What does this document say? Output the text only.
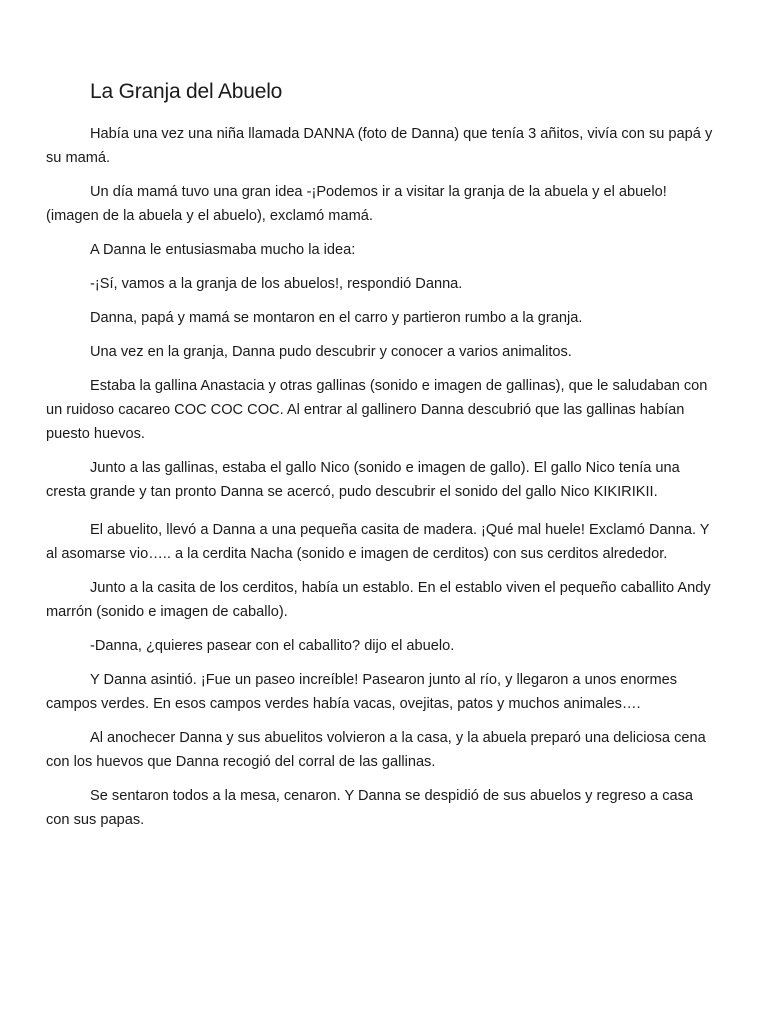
La Granja del Abuelo

Había una vez una niña llamada DANNA (foto de Danna) que tenía 3 añitos, vivía con su papá y su mamá.

Un día mamá tuvo una gran idea -¡Podemos ir a visitar la granja de la abuela y el abuelo! (imagen de la abuela y el abuelo), exclamó mamá.

A Danna le entusiasmaba mucho la idea:

-¡Sí, vamos a la granja de los abuelos!, respondió Danna.

Danna, papá y mamá se montaron en el carro y partieron rumbo a la granja.

Una vez en la granja, Danna pudo descubrir y conocer a varios animalitos.

Estaba la gallina Anastacia y otras gallinas (sonido e imagen de gallinas), que le saludaban con un ruidoso cacareo COC COC COC. Al entrar al gallinero Danna descubrió que las gallinas habían puesto huevos.

Junto a las gallinas, estaba el gallo Nico (sonido e imagen de gallo). El gallo Nico tenía una cresta grande y tan pronto Danna se acercó, pudo descubrir el sonido del gallo Nico KIKIRIKII.

El abuelito, llevó a Danna a una pequeña casita de madera. ¡Qué mal huele! Exclamó Danna. Y al asomarse vio….. a la cerdita Nacha (sonido e imagen de cerditos) con sus cerditos alrededor.

Junto a la casita de los cerditos, había un establo. En el establo viven el pequeño caballito Andy marrón (sonido e imagen de caballo).

-Danna, ¿quieres pasear con el caballito? dijo el abuelo.

Y Danna asintió. ¡Fue un paseo increíble! Pasearon junto al río, y llegaron a unos enormes campos verdes. En esos campos verdes había vacas, ovejitas, patos y muchos animales….

Al anochecer Danna y sus abuelitos volvieron a la casa, y la abuela preparó una deliciosa cena con los huevos que Danna recogió del corral de las gallinas.

Se sentaron todos a la mesa, cenaron. Y Danna se despidió de sus abuelos y regreso a casa con sus papas.
